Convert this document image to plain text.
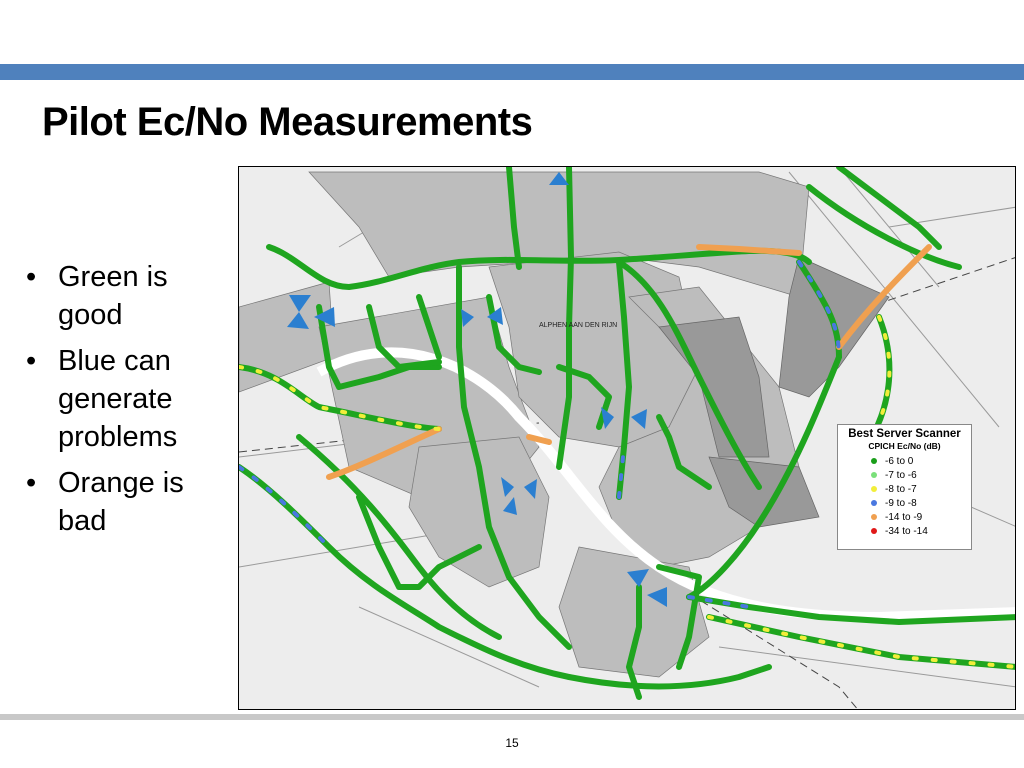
Pilot Ec/No Measurements
• Green is good
• Blue can generate problems
• Orange is bad
ALPHEN AAN DEN RIJN
Best Server Scanner
CPICH Ec/No (dB)
-6 to 0
-7 to -6
-8 to -7
-9 to -8
-14 to -9
-34 to -14
15
